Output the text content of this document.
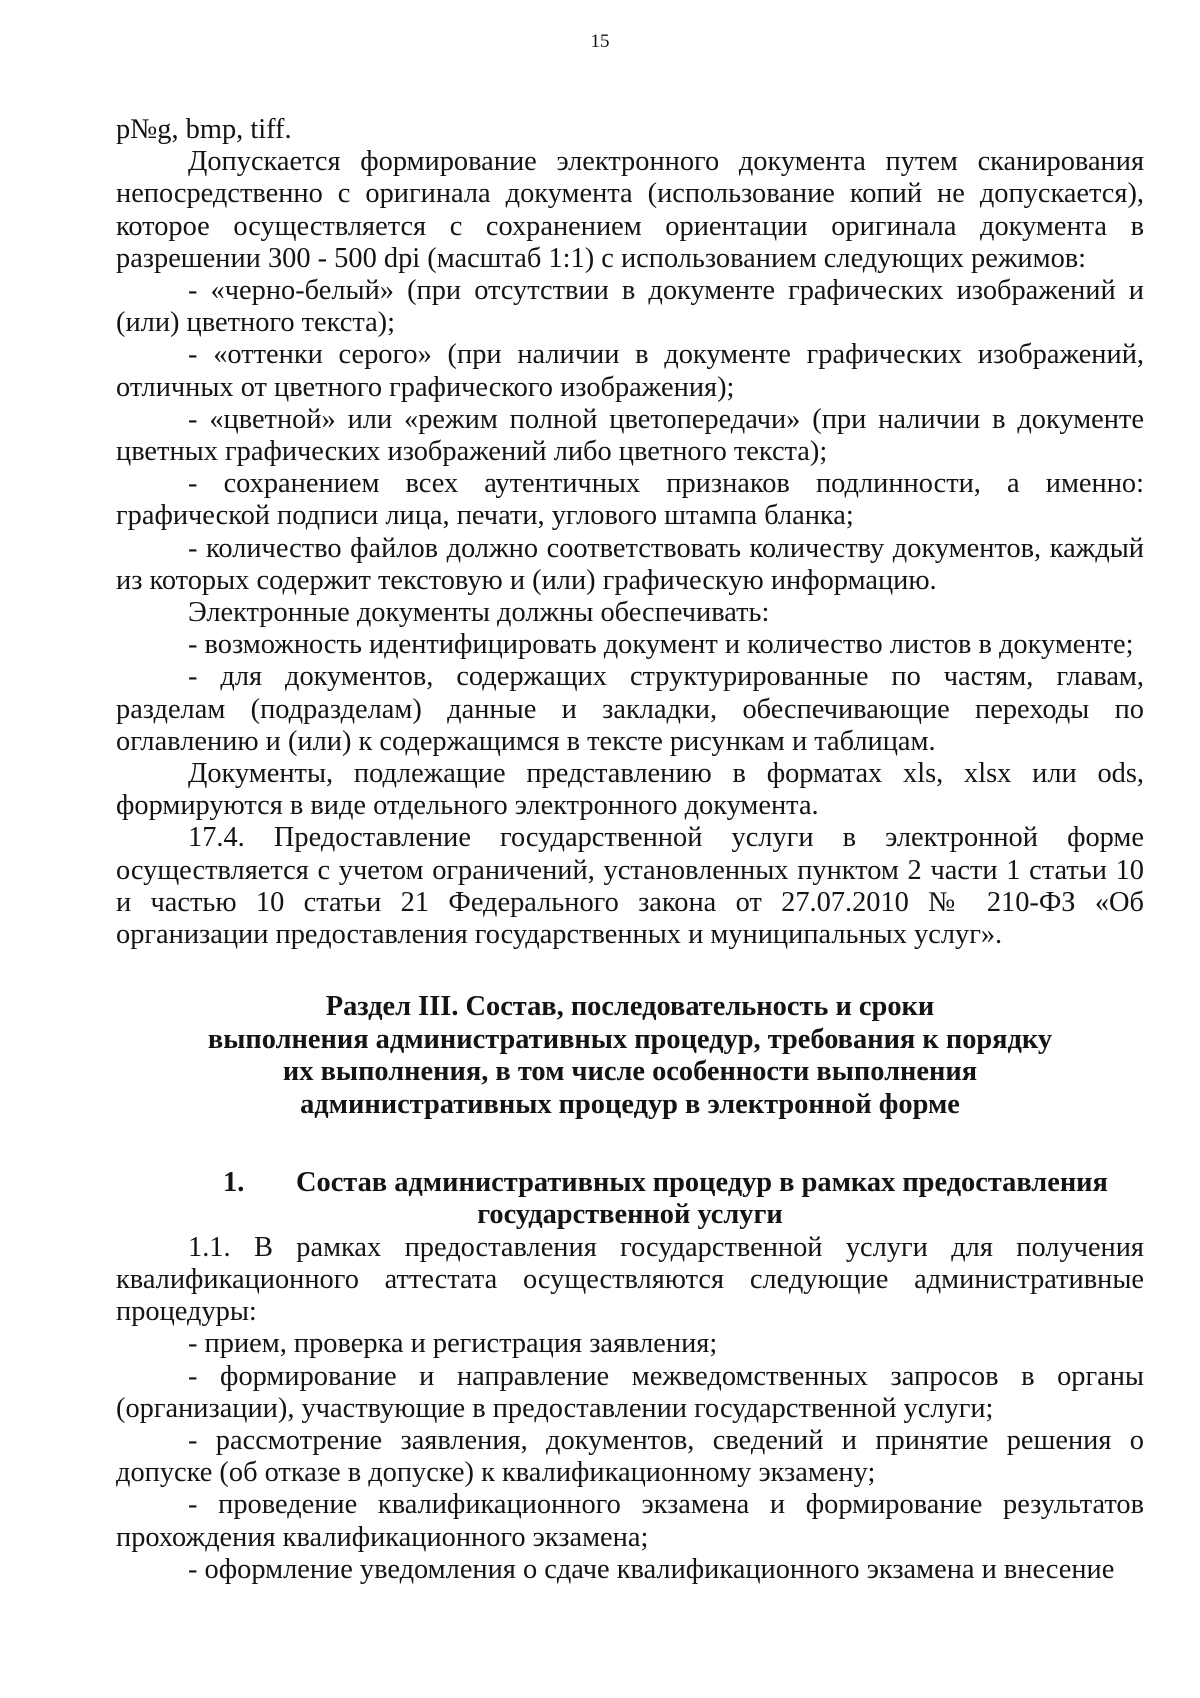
15

p№g, bmp, tiff.

Допускается формирование электронного документа путем сканирования непосредственно с оригинала документа (использование копий не допускается), которое осуществляется с сохранением ориентации оригинала документа в разрешении 300 - 500 dpi (масштаб 1:1) с использованием следующих режимов:

- «черно-белый» (при отсутствии в документе графических изображений и (или) цветного текста);

- «оттенки серого» (при наличии в документе графических изображений, отличных от цветного графического изображения);

- «цветной» или «режим полной цветопередачи» (при наличии в документе цветных графических изображений либо цветного текста);

- сохранением всех аутентичных признаков подлинности, а именно: графической подписи лица, печати, углового штампа бланка;

- количество файлов должно соответствовать количеству документов, каждый из которых содержит текстовую и (или) графическую информацию.

Электронные документы должны обеспечивать:

- возможность идентифицировать документ и количество листов в документе;

- для документов, содержащих структурированные по частям, главам, разделам (подразделам) данные и закладки, обеспечивающие переходы по оглавлению и (или) к содержащимся в тексте рисункам и таблицам.

Документы, подлежащие представлению в форматах xls, xlsx или ods, формируются в виде отдельного электронного документа.

17.4. Предоставление государственной услуги в электронной форме осуществляется с учетом ограничений, установленных пунктом 2 части 1 статьи 10 и частью 10 статьи 21 Федерального закона от 27.07.2010 № 210-ФЗ «Об организации предоставления государственных и муниципальных услуг».

Раздел III. Состав, последовательность и сроки
выполнения административных процедур, требования к порядку
их выполнения, в том числе особенности выполнения
административных процедур в электронной форме
1.	Состав административных процедур в рамках предоставления
государственной услуги

1.1. В рамках предоставления государственной услуги для получения квалификационного аттестата осуществляются следующие административные процедуры:

- прием, проверка и регистрация заявления;

- формирование и направление межведомственных запросов в органы (организации), участвующие в предоставлении государственной услуги;

- рассмотрение заявления, документов, сведений и принятие решения о допуске (об отказе в допуске) к квалификационному экзамену;

- проведение квалификационного экзамена и формирование результатов прохождения квалификационного экзамена;

- оформление уведомления о сдаче квалификационного экзамена и внесение
